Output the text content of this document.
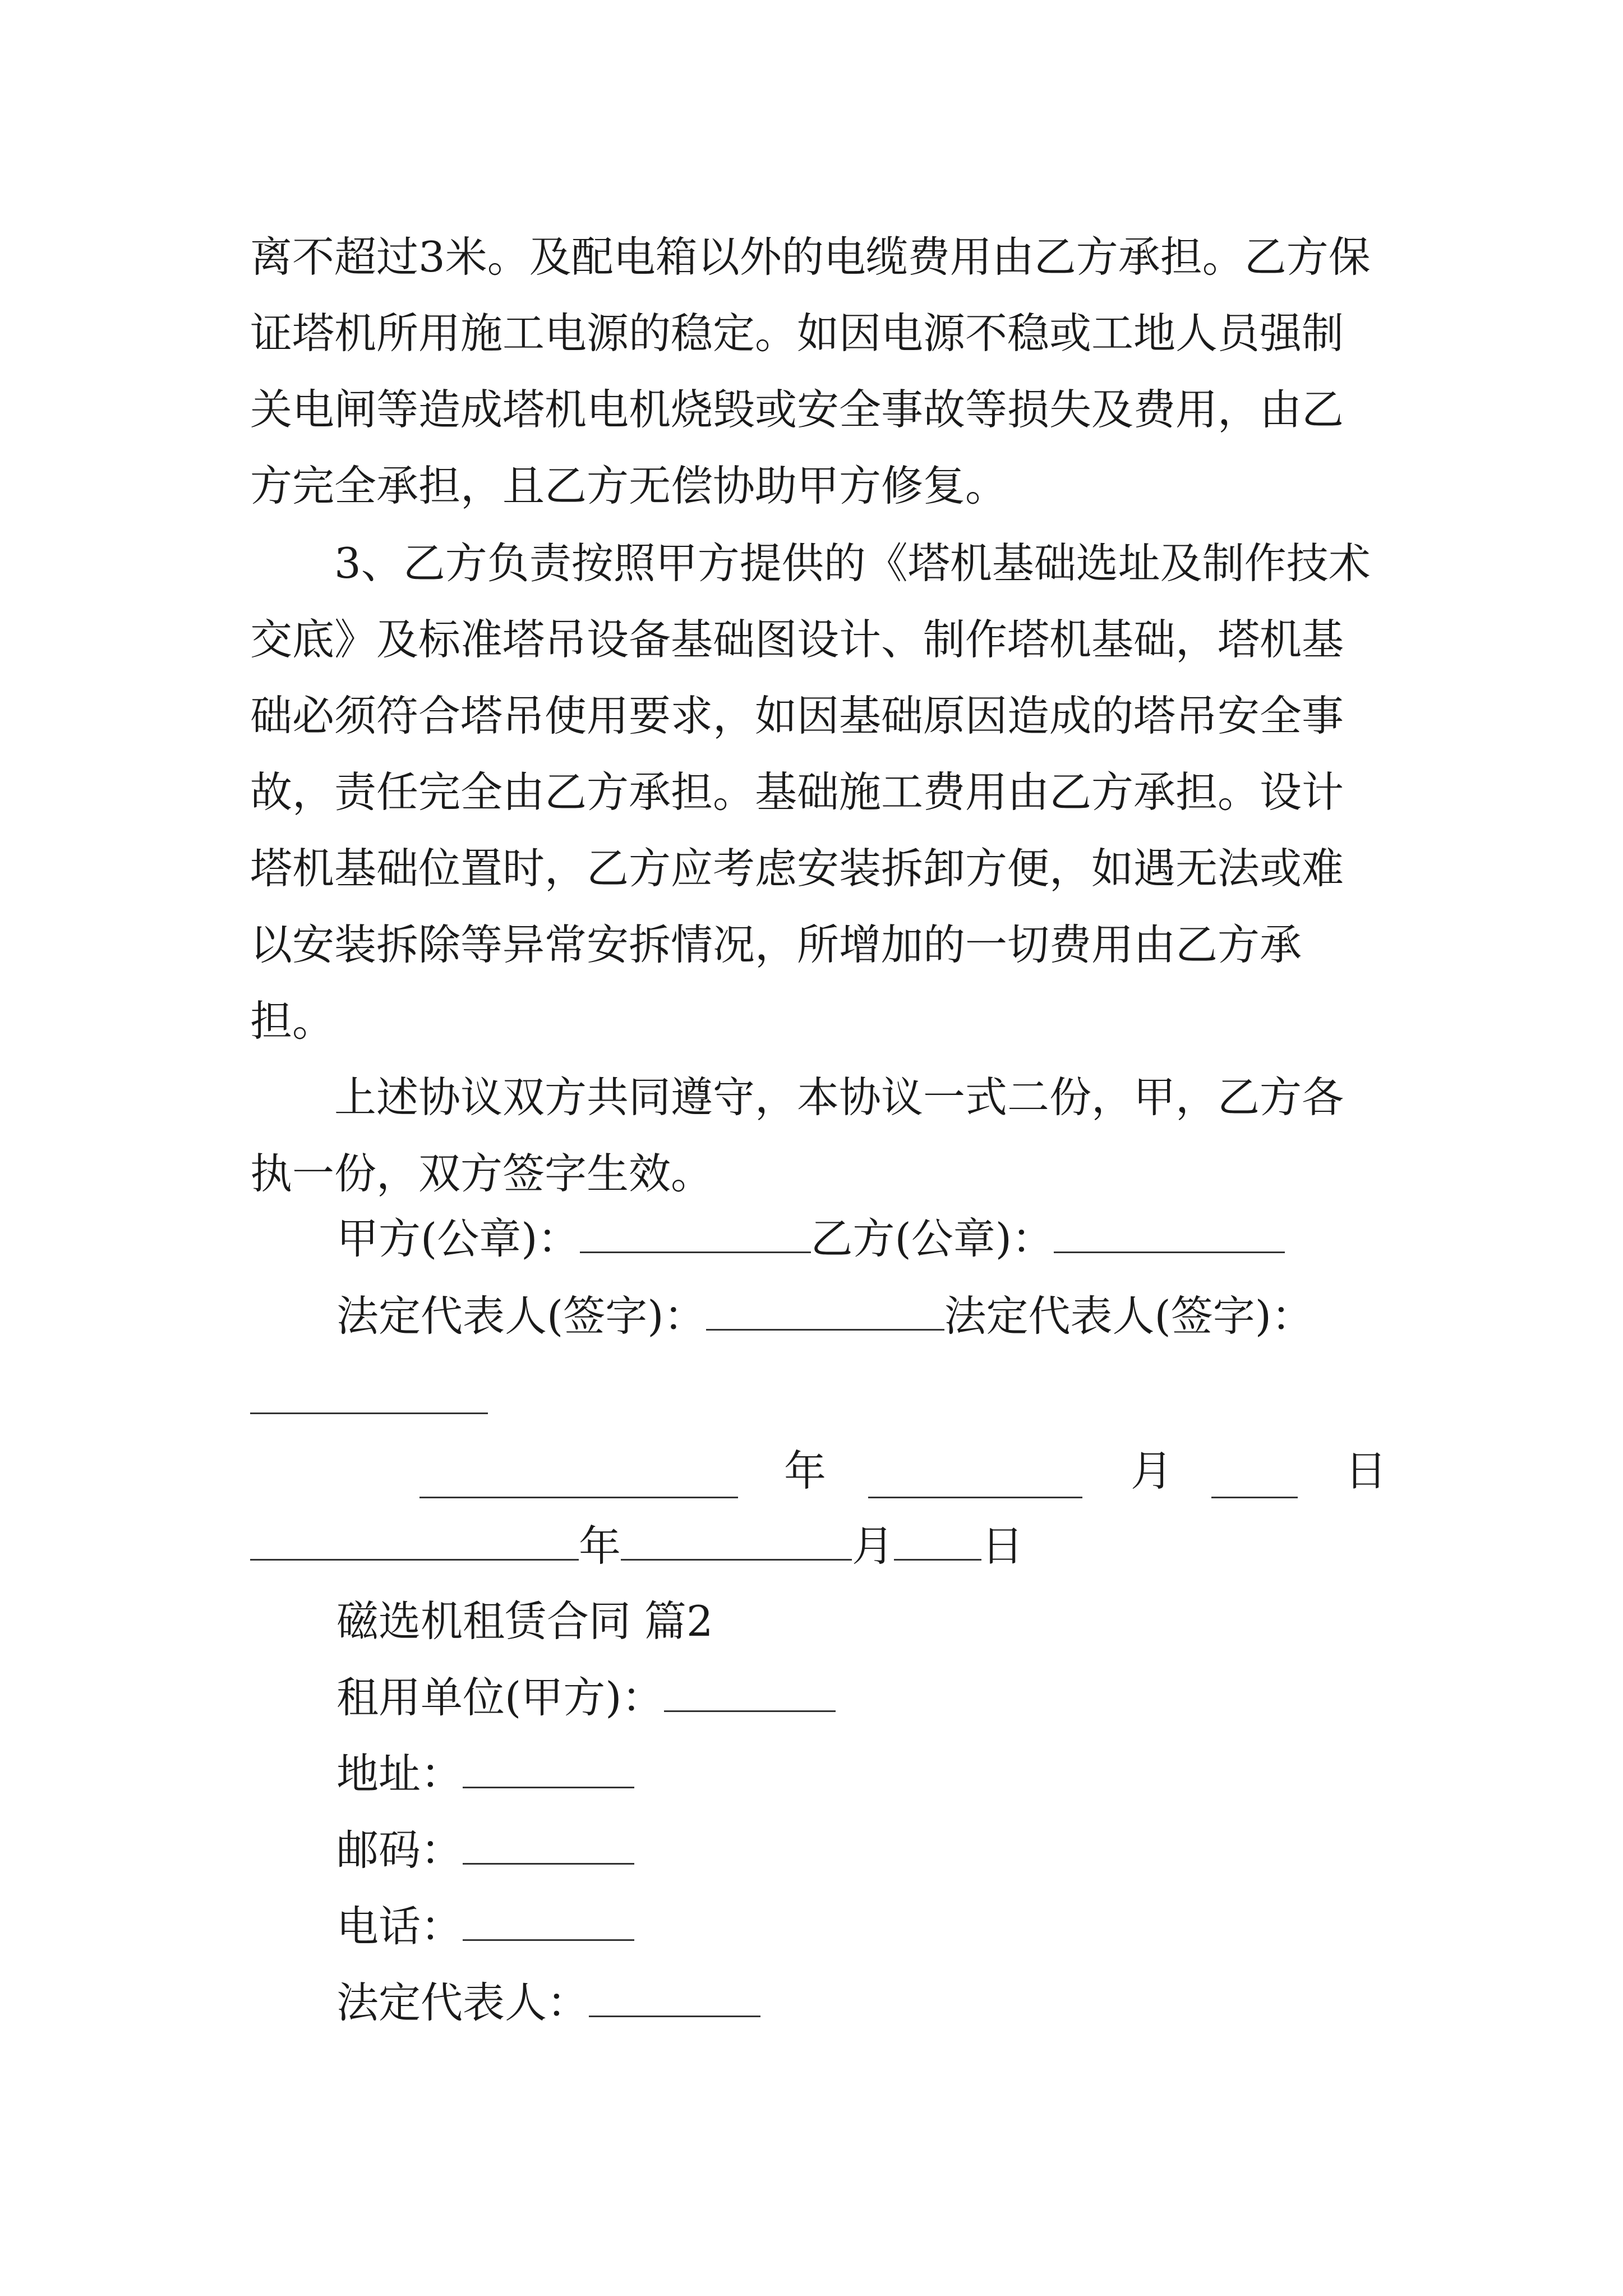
离不超过3米。及配电箱以外的电缆费用由乙方承担。乙方保证塔机所用施工电源的稳定。如因电源不稳或工地人员强制关电闸等造成塔机电机烧毁或安全事故等损失及费用，由乙方完全承担，且乙方无偿协助甲方修复。

　　3、乙方负责按照甲方提供的《塔机基础选址及制作技术交底》及标准塔吊设备基础图设计、制作塔机基础，塔机基础必须符合塔吊使用要求，如因基础原因造成的塔吊安全事故，责任完全由乙方承担。基础施工费用由乙方承担。设计塔机基础位置时，乙方应考虑安装拆卸方便，如遇无法或难以安装拆除等异常安拆情况，所增加的一切费用由乙方承担。

　　上述协议双方共同遵守，本协议一式二份，甲，乙方各执一份，双方签字生效。

甲方(公章)：	乙方(公章)：
法定代表人(签字)：	法定代表人(签字)：
年	月	日
年	月 日
磁选机租赁合同 篇2
租用单位(甲方)：
地址：
邮码：
电话：
法定代表人：
